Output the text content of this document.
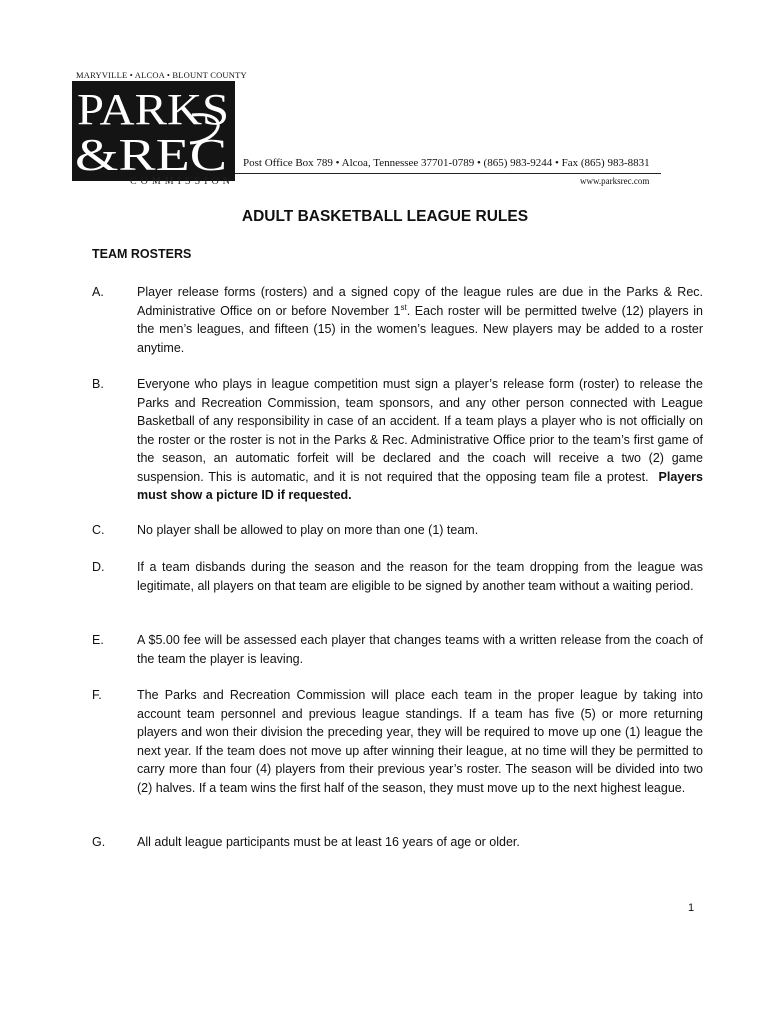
MARYVILLE • ALCOA • BLOUNT COUNTY
PARKS
&REC
COMMISSION
Post Office Box 789 • Alcoa, Tennessee 37701-0789 • (865) 983-9244 • Fax (865) 983-8831
www.parksrec.com
ADULT BASKETBALL LEAGUE RULES
TEAM ROSTERS
A.	Player release forms (rosters) and a signed copy of the league rules are due in the Parks & Rec. Administrative Office on or before November 1st. Each roster will be permitted twelve (12) players in the men’s leagues, and fifteen (15) in the women’s leagues. New players may be added to a roster anytime.
B.	Everyone who plays in league competition must sign a player’s release form (roster) to release the Parks and Recreation Commission, team sponsors, and any other person connected with League Basketball of any responsibility in case of an accident. If a team plays a player who is not officially on the roster or the roster is not in the Parks & Rec. Administrative Office prior to the team’s first game of the season, an automatic forfeit will be declared and the coach will receive a two (2) game suspension. This is automatic, and it is not required that the opposing team file a protest. Players must show a picture ID if requested.
C.	No player shall be allowed to play on more than one (1) team.
D.	If a team disbands during the season and the reason for the team dropping from the league was legitimate, all players on that team are eligible to be signed by another team without a waiting period.
E.	A $5.00 fee will be assessed each player that changes teams with a written release from the coach of the team the player is leaving.
F.	The Parks and Recreation Commission will place each team in the proper league by taking into account team personnel and previous league standings. If a team has five (5) or more returning players and won their division the preceding year, they will be required to move up one (1) league the next year. If the team does not move up after winning their league, at no time will they be permitted to carry more than four (4) players from their previous year’s roster. The season will be divided into two (2) halves. If a team wins the first half of the season, they must move up to the next highest league.
G.	All adult league participants must be at least 16 years of age or older.
1
